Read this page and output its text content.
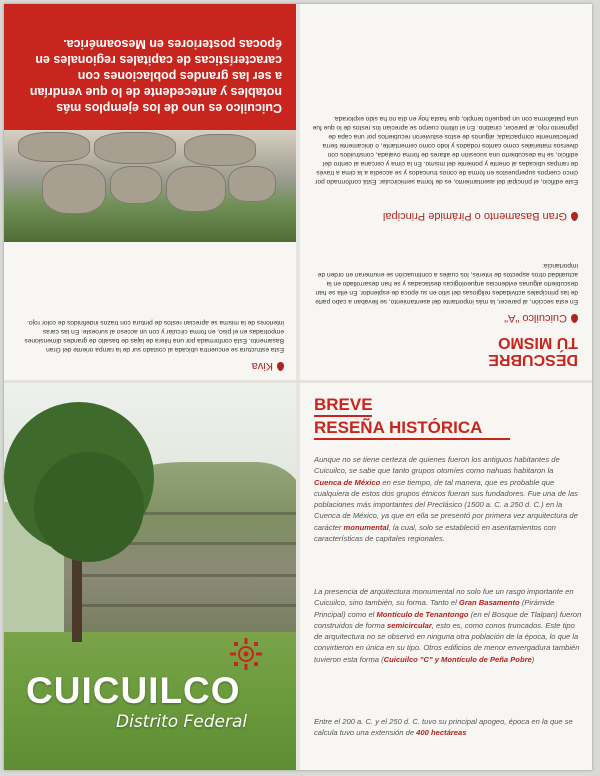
Kiva
Esta estructura se encuentra ubicada al costado sur de la rampa oriente del Gran Basamento. Está conformada por una hilera de lajas de basalto de grandes dimensiones empotradas en el piso, en forma circular y con un acceso al suroeste. En las caras interiores de la misma se aprecian restos de pintura con trazos indefinidos de color rojo.

Cuicuilco es uno de los ejemplos más notables y antecedente de lo que vendrían a ser las grandes poblaciones con características de capitales regionales en épocas posteriores en Mesoamérica.

DESCUBRE
TÚ MISMO
Cuicuilco "A"
En esta sección, al parecer, la más importante del asentamiento, se llevaban a cabo parte de las principales actividades religiosas del sitio en su época de esplendor. En ella se han descubierto algunas evidencias arqueológicas destacadas y se han desarrollado en la actualidad otros aspectos de interés, los cuales a continuación se enumeran en orden de importancia:
Gran Basamento o Pirámide Principal
Este edificio, el principal del asentamiento, es de forma semicircular. Está conformado por cinco cuerpos superpuestos en forma de conos truncados y se accedía a la cima a través de rampas ubicadas al oriente y poniente del mismo. En la cima y cercana al centro del edificio, se ha descubierto una sucesión de altares de forma ovalada, construidos con diversos materiales como cantos rodados y lodo como cementante, o únicamente tierra perfectamente compactada; algunos de estos estuvieron recubiertos por una capa de pigmento rojo, al parecer, cinabrio. En el último cuerpo se aprecian los restos de lo que fue una plataforma con un pequeño templo, que hasta hoy en día no ha sido explorada.
CUICUILCO
Distrito Federal
BREVE
RESEÑA HISTÓRICA
Aunque no se tiene certeza de quienes fueron los antiguos habitantes de Cuicuilco, se sabe que tanto grupos otomíes como nahuas habitaron la Cuenca de México en ese tiempo, de tal manera, que es probable que cualquiera de estos dos grupos étnicos fueran sus fundadores. Fue una de las poblaciones más importantes del Preclásico (1500 a. C. a 250 d. C.) en la Cuenca de México, ya que en ella se presentó por primera vez arquitectura de carácter monumental, la cual, solo se estableció en asentamientos con características de capitales regionales.
La presencia de arquitectura monumental no solo fue un rasgo importante en Cuicuilco, sino también, su forma. Tanto el Gran Basamento (Pirámide Principal) como el Montículo de Tenantongo (en el Bosque de Tlalpan) fueron construidos de forma semicircular, esto es, como conos truncados. Este tipo de arquitectura no se observó en ninguna otra población de la época, lo que la convirtieron en única en su tipo. Otros edificios de menor envergadura también tuvieron esta forma (Cuicuilco "C" y Montículo de Peña Pobre)
Entre el 200 a. C. y el 250 d. C. tuvo su principal apogeo, época en la que se calcula tuvo una extensión de 400 hectáreas
